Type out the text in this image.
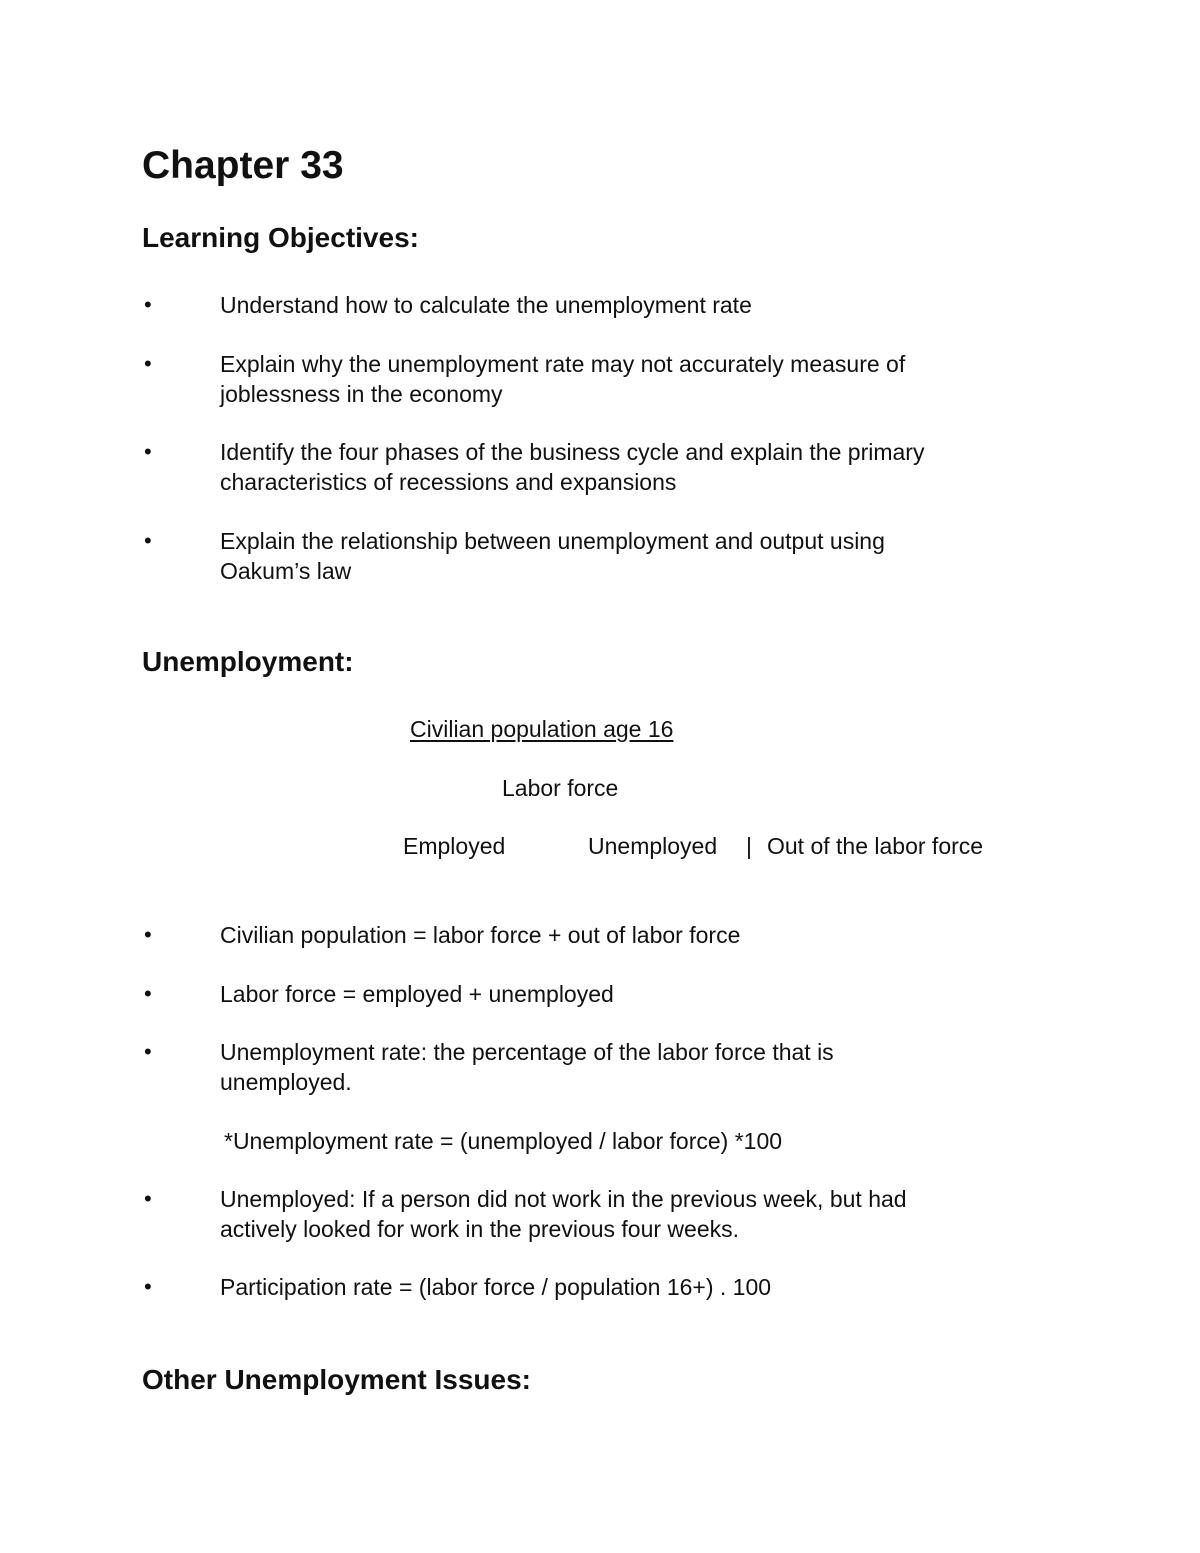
Chapter 33
Learning Objectives:
•	Understand how to calculate the unemployment rate
•	Explain why the unemployment rate may not accurately measure of
joblessness in the economy
•	Identify the four phases of the business cycle and explain the primary
characteristics of recessions and expansions
•	Explain the relationship between unemployment and output using
Oakum’s law
Unemployment:
Civilian population age 16
Labor force
Employed	Unemployed | Out of the labor force
•	Civilian population = labor force + out of labor force
•	Labor force = employed + unemployed
•	Unemployment rate: the percentage of the labor force that is
unemployed.
*Unemployment rate = (unemployed / labor force) *100
•	Unemployed: If a person did not work in the previous week, but had
actively looked for work in the previous four weeks.
•	Participation rate = (labor force / population 16+) . 100
Other Unemployment Issues:
